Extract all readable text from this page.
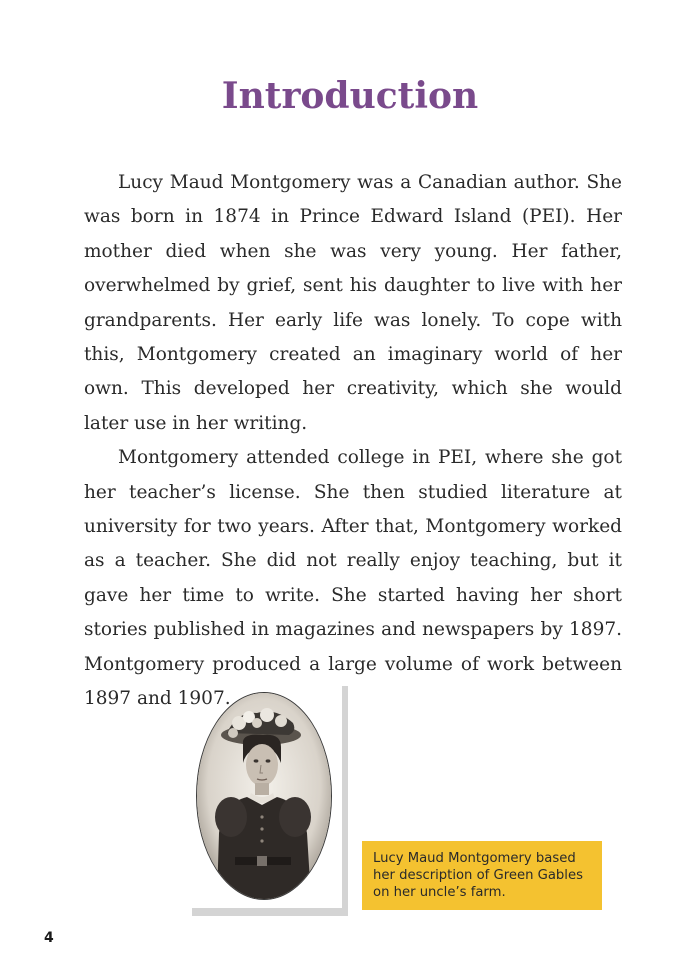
Introduction

Lucy Maud Montgomery was a Canadian author. She was born in 1874 in Prince Edward Island (PEI). Her mother died when she was very young. Her father, overwhelmed by grief, sent his daughter to live with her grandparents. Her early life was lonely. To cope with this, Montgomery created an imaginary world of her own. This developed her creativity, which she would later use in her writing.

Montgomery attended college in PEI, where she got her teacher’s license. She then studied literature at university for two years. After that, Montgomery worked as a teacher. She did not really enjoy teaching, but it gave her time to write. She started having her short stories published in magazines and newspapers by 1897. Montgomery produced a large volume of work between 1897 and 1907.

Lucy Maud Montgomery based her description of Green Gables on her uncle’s farm.
4
